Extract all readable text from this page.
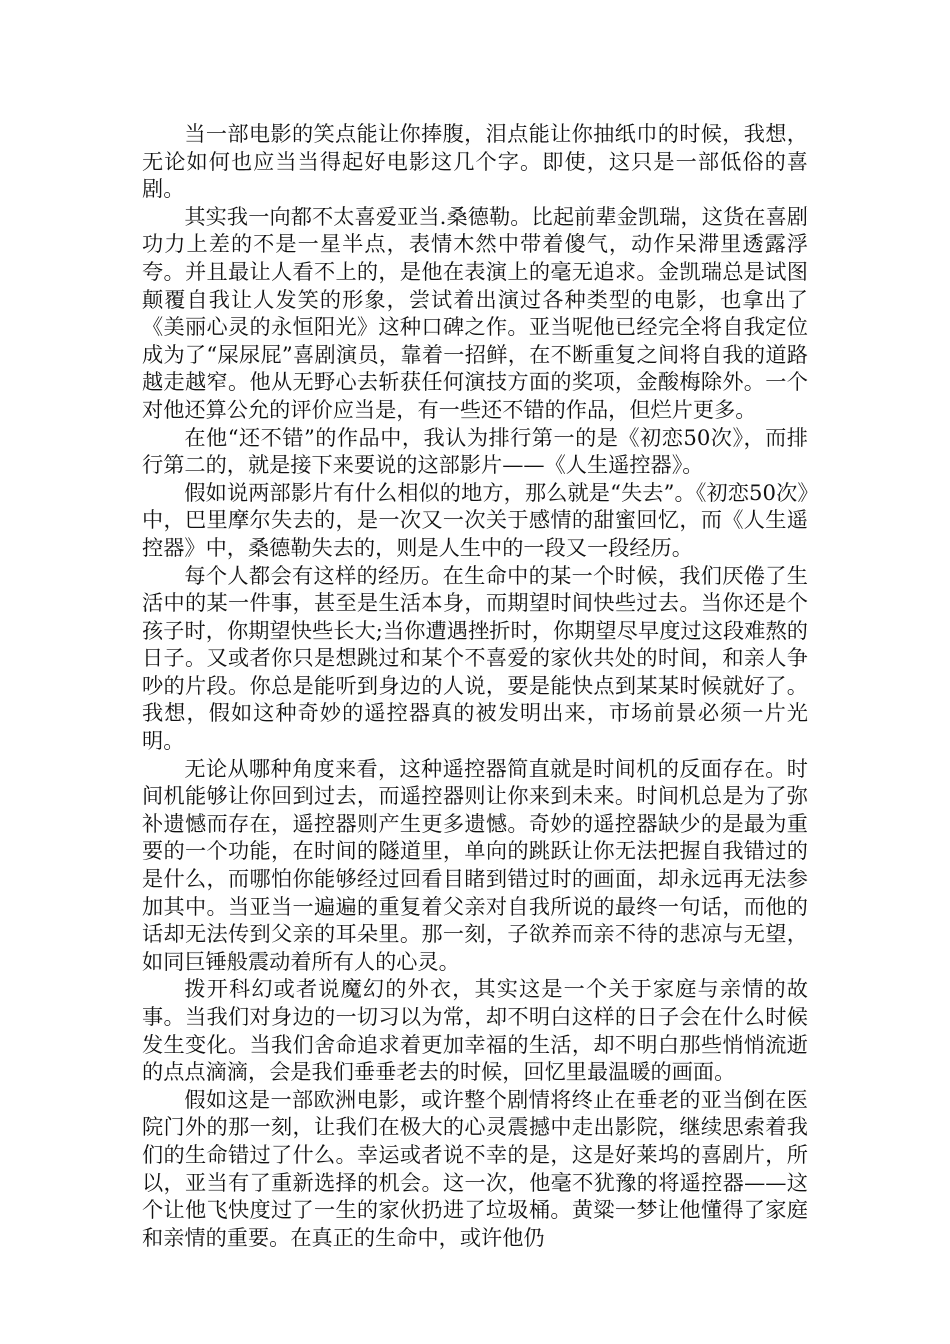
当一部电影的笑点能让你捧腹，泪点能让你抽纸巾的时候，我想，无论如何也应当当得起好电影这几个字。即使，这只是一部低俗的喜剧。

其实我一向都不太喜爱亚当.桑德勒。比起前辈金凯瑞，这货在喜剧功力上差的不是一星半点，表情木然中带着傻气，动作呆滞里透露浮夸。并且最让人看不上的，是他在表演上的毫无追求。金凯瑞总是试图颠覆自我让人发笑的形象，尝试着出演过各种类型的电影，也拿出了《美丽心灵的永恒阳光》这种口碑之作。亚当呢他已经完全将自我定位成为了“屎尿屁”喜剧演员，靠着一招鲜，在不断重复之间将自我的道路越走越窄。他从无野心去斩获任何演技方面的奖项，金酸梅除外。一个对他还算公允的评价应当是，有一些还不错的作品，但烂片更多。

在他“还不错”的作品中，我认为排行第一的是《初恋50次》，而排行第二的，就是接下来要说的这部影片——《人生遥控器》。

假如说两部影片有什么相似的地方，那么就是“失去”。《初恋50次》中，巴里摩尔失去的，是一次又一次关于感情的甜蜜回忆，而《人生遥控器》中，桑德勒失去的，则是人生中的一段又一段经历。

每个人都会有这样的经历。在生命中的某一个时候，我们厌倦了生活中的某一件事，甚至是生活本身，而期望时间快些过去。当你还是个孩子时，你期望快些长大;当你遭遇挫折时，你期望尽早度过这段难熬的日子。又或者你只是想跳过和某个不喜爱的家伙共处的时间，和亲人争吵的片段。你总是能听到身边的人说，要是能快点到某某时候就好了。我想，假如这种奇妙的遥控器真的被发明出来，市场前景必须一片光明。

无论从哪种角度来看，这种遥控器简直就是时间机的反面存在。时间机能够让你回到过去，而遥控器则让你来到未来。时间机总是为了弥补遗憾而存在，遥控器则产生更多遗憾。奇妙的遥控器缺少的是最为重要的一个功能，在时间的隧道里，单向的跳跃让你无法把握自我错过的是什么，而哪怕你能够经过回看目睹到错过时的画面，却永远再无法参加其中。当亚当一遍遍的重复着父亲对自我所说的最终一句话，而他的话却无法传到父亲的耳朵里。那一刻，子欲养而亲不待的悲凉与无望，如同巨锤般震动着所有人的心灵。

拨开科幻或者说魔幻的外衣，其实这是一个关于家庭与亲情的故事。当我们对身边的一切习以为常，却不明白这样的日子会在什么时候发生变化。当我们舍命追求着更加幸福的生活，却不明白那些悄悄流逝的点点滴滴，会是我们垂垂老去的时候，回忆里最温暖的画面。

假如这是一部欧洲电影，或许整个剧情将终止在垂老的亚当倒在医院门外的那一刻，让我们在极大的心灵震撼中走出影院，继续思索着我们的生命错过了什么。幸运或者说不幸的是，这是好莱坞的喜剧片，所以，亚当有了重新选择的机会。这一次，他毫不犹豫的将遥控器——这个让他飞快度过了一生的家伙扔进了垃圾桶。黄粱一梦让他懂得了家庭和亲情的重要。在真正的生命中，或许他仍
